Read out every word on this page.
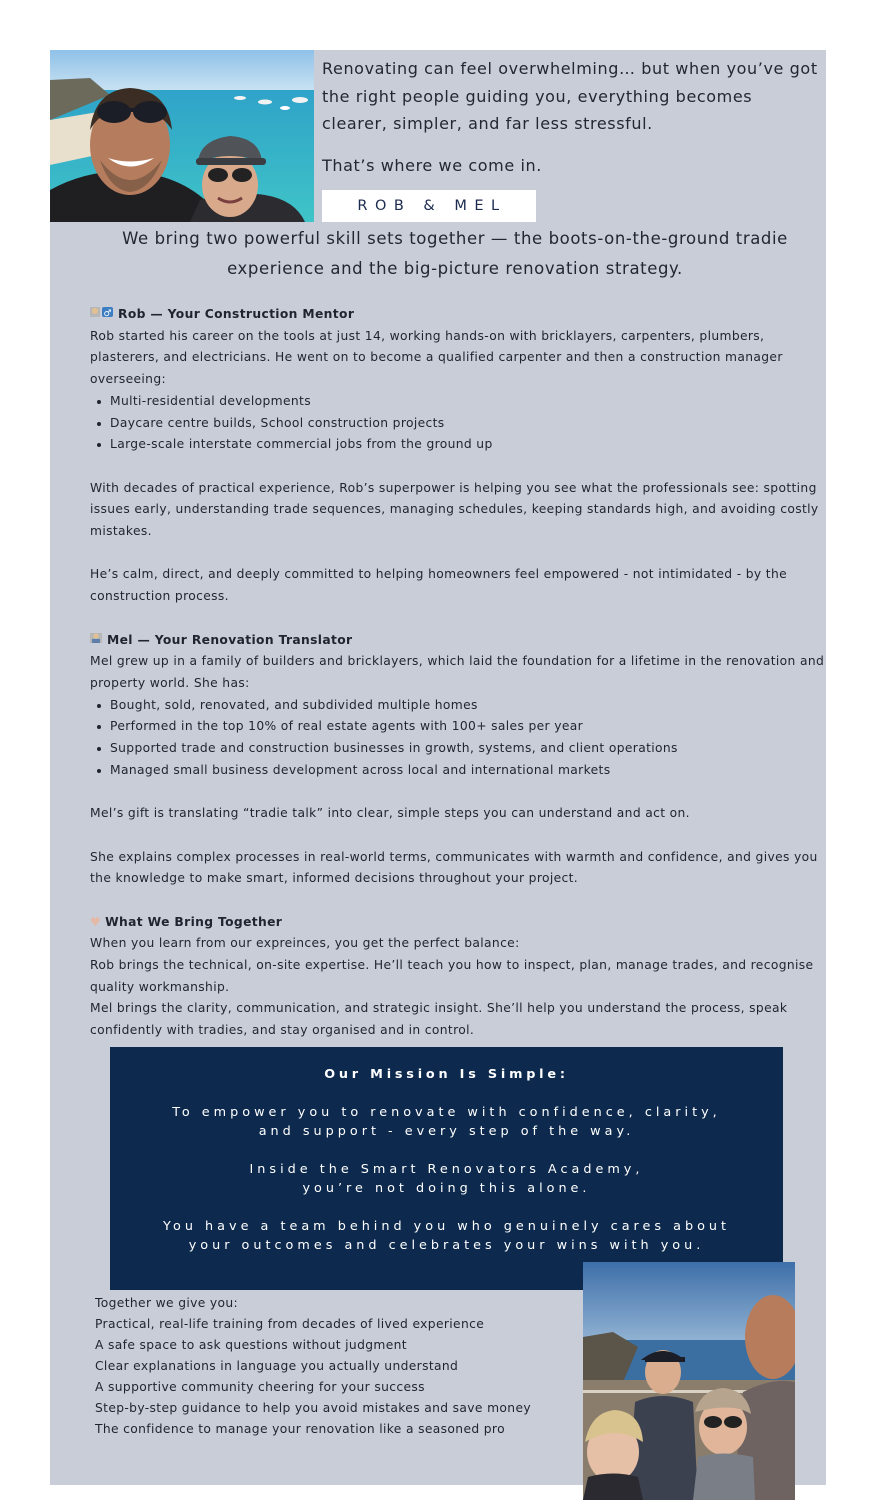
Renovating can feel overwhelming… but when you’ve got the right people guiding you, everything becomes clearer, simpler, and far less stressful.

That’s where we come in.

ROB & MEL

We bring two powerful skill sets together — the boots-on-the-ground tradie experience and the big-picture renovation strategy.

♂ Rob — Your Construction Mentor
Rob started his career on the tools at just 14, working hands-on with bricklayers, carpenters, plumbers, plasterers, and electricians. He went on to become a qualified carpenter and then a construction manager overseeing:
Multi-residential developments
Daycare centre builds, School construction projects
Large-scale interstate commercial jobs from the ground up
With decades of practical experience, Rob’s superpower is helping you see what the professionals see: spotting issues early, understanding trade sequences, managing schedules, keeping standards high, and avoiding costly mistakes.
He’s calm, direct, and deeply committed to helping homeowners feel empowered - not intimidated - by the construction process.
Mel — Your Renovation Translator
Mel grew up in a family of builders and bricklayers, which laid the foundation for a lifetime in the renovation and property world. She has:
Bought, sold, renovated, and subdivided multiple homes
Performed in the top 10% of real estate agents with 100+ sales per year
Supported trade and construction businesses in growth, systems, and client operations
Managed small business development across local and international markets
Mel’s gift is translating “tradie talk” into clear, simple steps you can understand and act on.
She explains complex processes in real-world terms, communicates with warmth and confidence, and gives you the knowledge to make smart, informed decisions throughout your project.
♥ What We Bring Together
When you learn from our expreinces, you get the perfect balance:
Rob brings the technical, on-site expertise. He’ll teach you how to inspect, plan, manage trades, and recognise quality workmanship.
Mel brings the clarity, communication, and strategic insight. She’ll help you understand the process, speak confidently with tradies, and stay organised and in control.
Our Mission Is Simple:
To empower you to renovate with confidence, clarity,
and support - every step of the way.
Inside the Smart Renovators Academy,
you’re not doing this alone.
You have a team behind you who genuinely cares about
your outcomes and celebrates your wins with you.
Together we give you:
Practical, real-life training from decades of lived experience
A safe space to ask questions without judgment
Clear explanations in language you actually understand
A supportive community cheering for your success
Step-by-step guidance to help you avoid mistakes and save money
The confidence to manage your renovation like a seasoned pro
